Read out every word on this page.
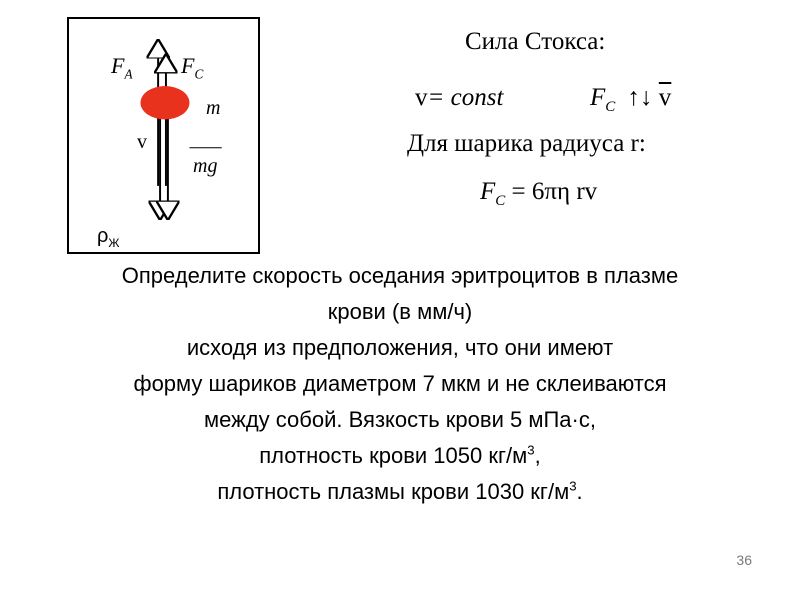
$F_A$ $F_C$
m
v
mg
$\rho_Ж$
Сила Стокса:
v= const	$F_C$ ↑↓ $\overline{v}$
Для шарика радиуса r:
$F_C = 6\pi\eta$ rv
Определите скорость оседания эритроцитов в плазме
крови (в мм/ч)
исходя из предположения, что они имеют
форму шариков диаметром 7 мкм и не склеиваются
между собой. Вязкость крови 5 мПа·с,
плотность крови 1050 $кг/м^3$,
плотность плазмы крови 1030 $кг/м^3$.
36
